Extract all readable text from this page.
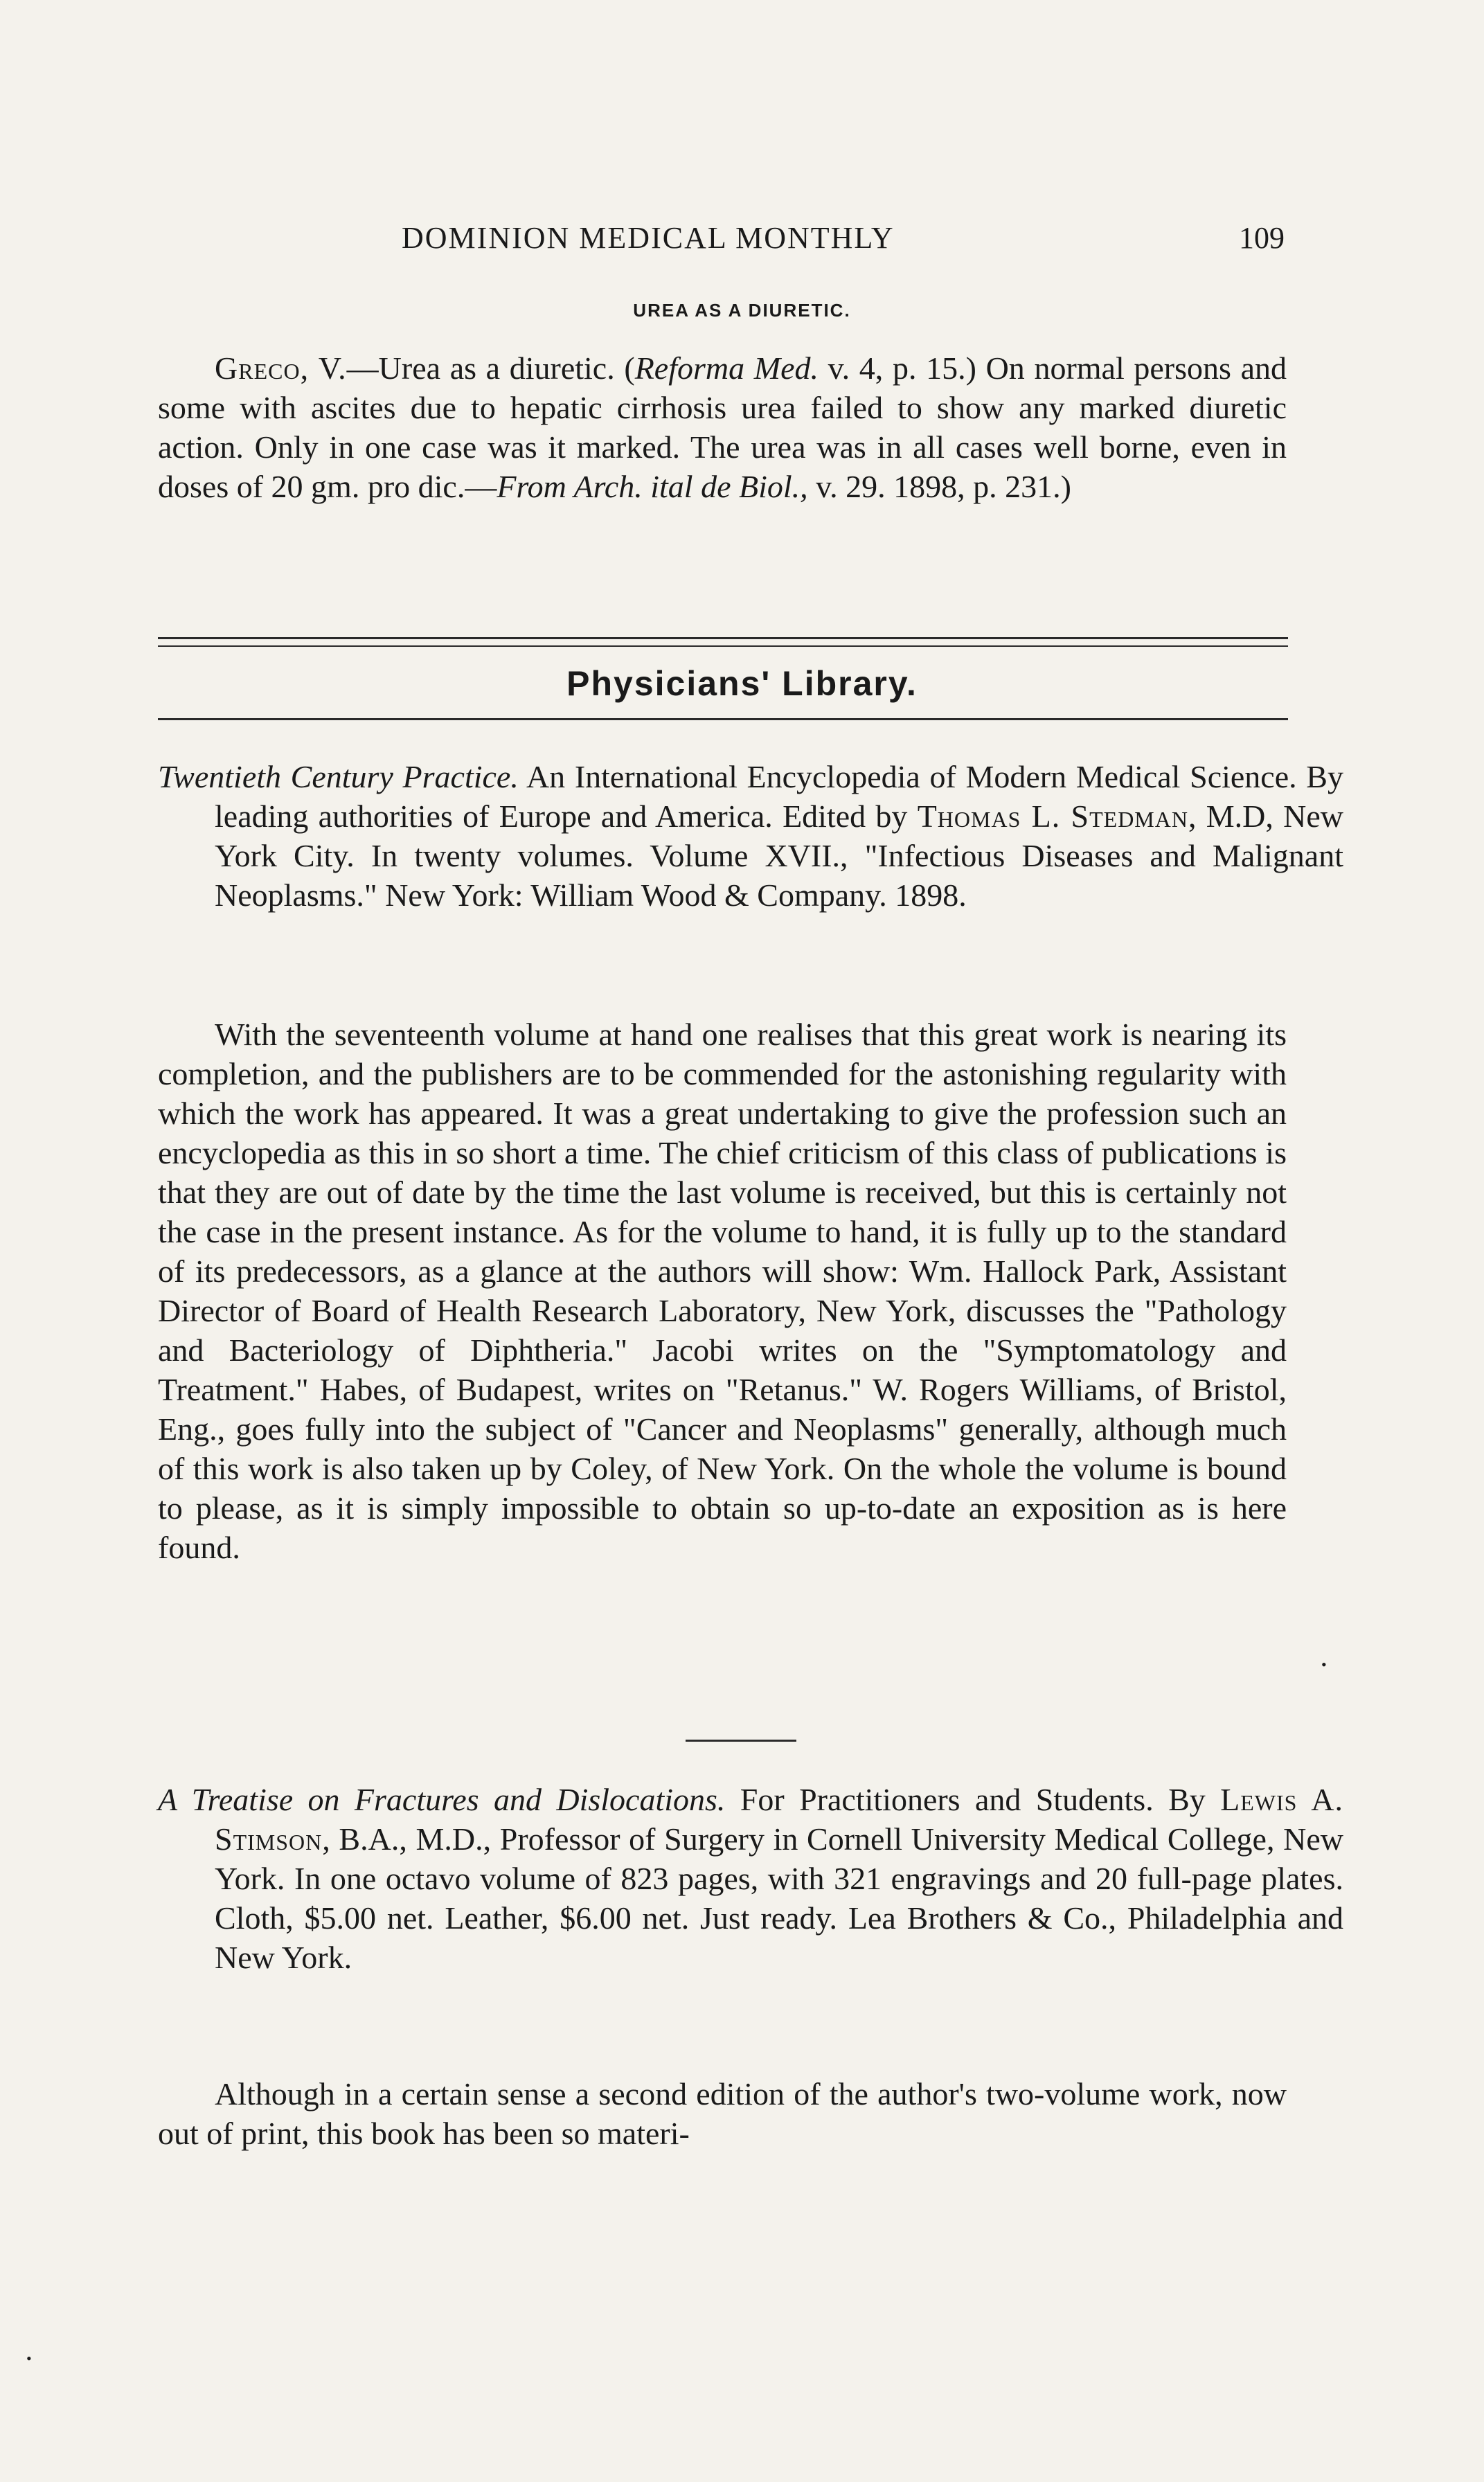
DOMINION MEDICAL MONTHLY	109
UREA AS A DIURETIC.

Greco, V.—Urea as a diuretic. (Reforma Med. v. 4, p. 15.) On normal persons and some with ascites due to hepatic cirrhosis urea failed to show any marked diuretic action. Only in one case was it marked. The urea was in all cases well borne, even in doses of 20 gm. pro dic.—From Arch. ital de Biol., v. 29. 1898, p. 231.)

Physicians' Library.

Twentieth Century Practice. An International Encyclopedia of Modern Medical Science. By leading authorities of Europe and America. Edited by Thomas L. Stedman, M.D, New York City. In twenty volumes. Volume XVII., "Infectious Diseases and Malignant Neoplasms." New York: William Wood & Company. 1898.

With the seventeenth volume at hand one realises that this great work is nearing its completion, and the publishers are to be commended for the astonishing regularity with which the work has appeared. It was a great undertaking to give the profession such an encyclopedia as this in so short a time. The chief criticism of this class of publications is that they are out of date by the time the last volume is received, but this is certainly not the case in the present instance. As for the volume to hand, it is fully up to the standard of its predecessors, as a glance at the authors will show: Wm. Hallock Park, Assistant Director of Board of Health Research Laboratory, New York, discusses the "Pathology and Bacteriology of Diphtheria." Jacobi writes on the "Symptomatology and Treatment." Habes, of Budapest, writes on "Retanus." W. Rogers Williams, of Bristol, Eng., goes fully into the subject of "Cancer and Neoplasms" generally, although much of this work is also taken up by Coley, of New York. On the whole the volume is bound to please, as it is simply impossible to obtain so up-to-date an exposition as is here found.

A Treatise on Fractures and Dislocations. For Practitioners and Students. By Lewis A. Stimson, B.A., M.D., Professor of Surgery in Cornell University Medical College, New York. In one octavo volume of 823 pages, with 321 engravings and 20 full-page plates. Cloth, $5.00 net. Leather, $6.00 net. Just ready. Lea Brothers & Co., Philadelphia and New York.

Although in a certain sense a second edition of the author's two-volume work, now out of print, this book has been so materi-

•
•
